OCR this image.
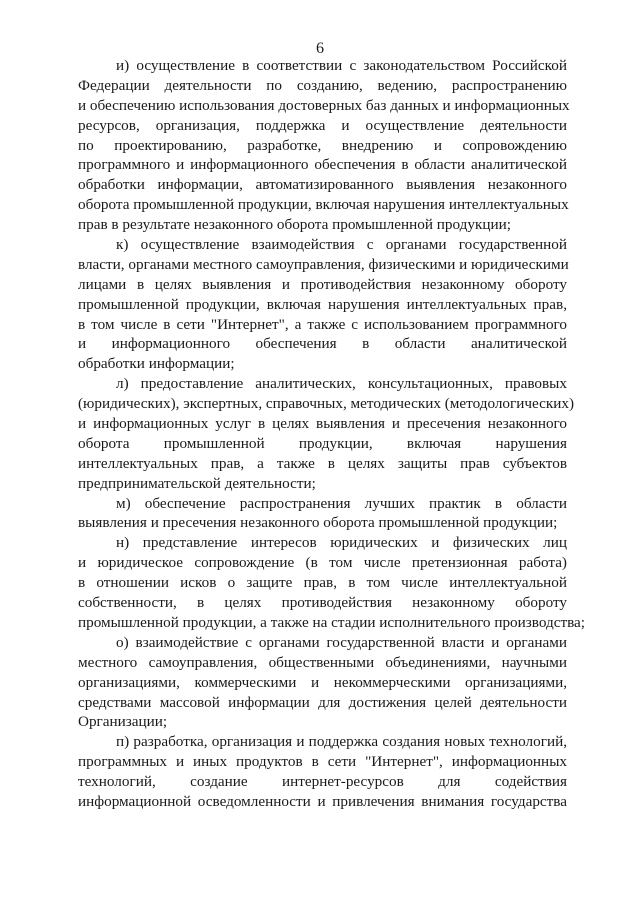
6
и) осуществление в соответствии с законодательством Российской
Федерации деятельности по созданию, ведению, распространению
и обеспечению использования достоверных баз данных и информационных
ресурсов, организация, поддержка и осуществление деятельности
по проектированию, разработке, внедрению и сопровождению
программного и информационного обеспечения в области аналитической
обработки информации, автоматизированного выявления незаконного
оборота промышленной продукции, включая нарушения интеллектуальных
прав в результате незаконного оборота промышленной продукции;
к) осуществление взаимодействия с органами государственной
власти, органами местного самоуправления, физическими и юридическими
лицами в целях выявления и противодействия незаконному обороту
промышленной продукции, включая нарушения интеллектуальных прав,
в том числе в сети "Интернет", а также с использованием программного
и информационного обеспечения в области аналитической
обработки информации;
л) предоставление аналитических, консультационных, правовых
(юридических), экспертных, справочных, методических (методологических)
и информационных услуг в целях выявления и пресечения незаконного
оборота промышленной продукции, включая нарушения
интеллектуальных прав, а также в целях защиты прав субъектов
предпринимательской деятельности;
м) обеспечение распространения лучших практик в области
выявления и пресечения незаконного оборота промышленной продукции;
н) представление интересов юридических и физических лиц
и юридическое сопровождение (в том числе претензионная работа)
в отношении исков о защите прав, в том числе интеллектуальной
собственности, в целях противодействия незаконному обороту
промышленной продукции, а также на стадии исполнительного производства;
о) взаимодействие с органами государственной власти и органами
местного самоуправления, общественными объединениями, научными
организациями, коммерческими и некоммерческими организациями,
средствами массовой информации для достижения целей деятельности
Организации;
п) разработка, организация и поддержка создания новых технологий,
программных и иных продуктов в сети "Интернет", информационных
технологий, создание интернет-ресурсов для содействия
информационной осведомленности и привлечения внимания государства
